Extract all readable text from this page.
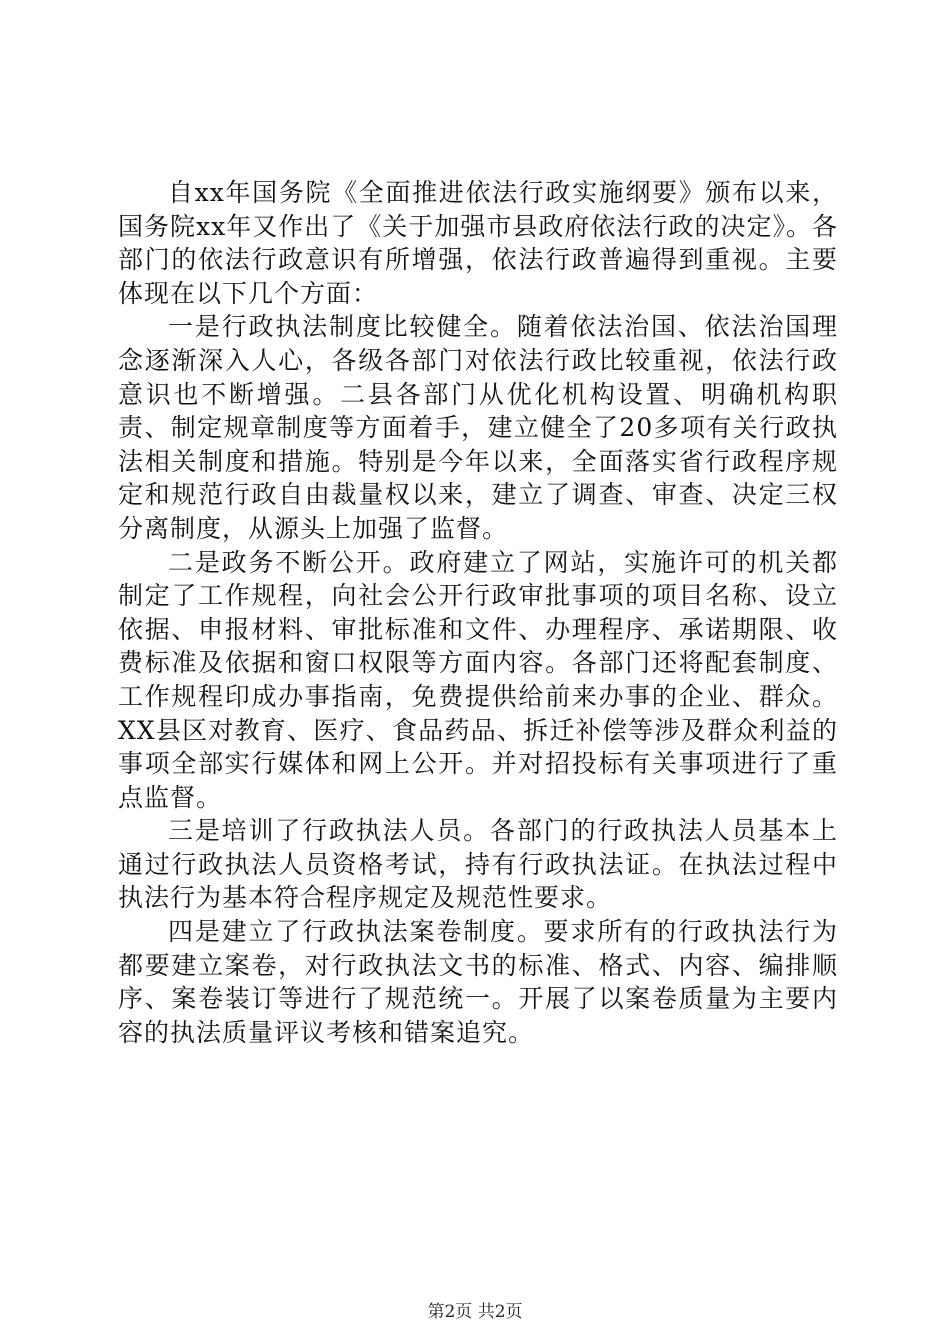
自xx年国务院《全面推进依法行政实施纲要》颁布以来，国务院xx年又作出了《关于加强市县政府依法行政的决定》。各部门的依法行政意识有所增强，依法行政普遍得到重视。主要体现在以下几个方面：

一是行政执法制度比较健全。随着依法治国、依法治国理念逐渐深入人心，各级各部门对依法行政比较重视，依法行政意识也不断增强。二县各部门从优化机构设置、明确机构职责、制定规章制度等方面着手，建立健全了20多项有关行政执法相关制度和措施。特别是今年以来，全面落实省行政程序规定和规范行政自由裁量权以来，建立了调查、审查、决定三权分离制度，从源头上加强了监督。

二是政务不断公开。政府建立了网站，实施许可的机关都制定了工作规程，向社会公开行政审批事项的项目名称、设立依据、申报材料、审批标准和文件、办理程序、承诺期限、收费标准及依据和窗口权限等方面内容。各部门还将配套制度、工作规程印成办事指南，免费提供给前来办事的企业、群众。XX县区对教育、医疗、食品药品、拆迁补偿等涉及群众利益的事项全部实行媒体和网上公开。并对招投标有关事项进行了重点监督。

三是培训了行政执法人员。各部门的行政执法人员基本上通过行政执法人员资格考试，持有行政执法证。在执法过程中执法行为基本符合程序规定及规范性要求。

四是建立了行政执法案卷制度。要求所有的行政执法行为都要建立案卷，对行政执法文书的标准、格式、内容、编排顺序、案卷装订等进行了规范统一。开展了以案卷质量为主要内容的执法质量评议考核和错案追究。

第2页 共2页
